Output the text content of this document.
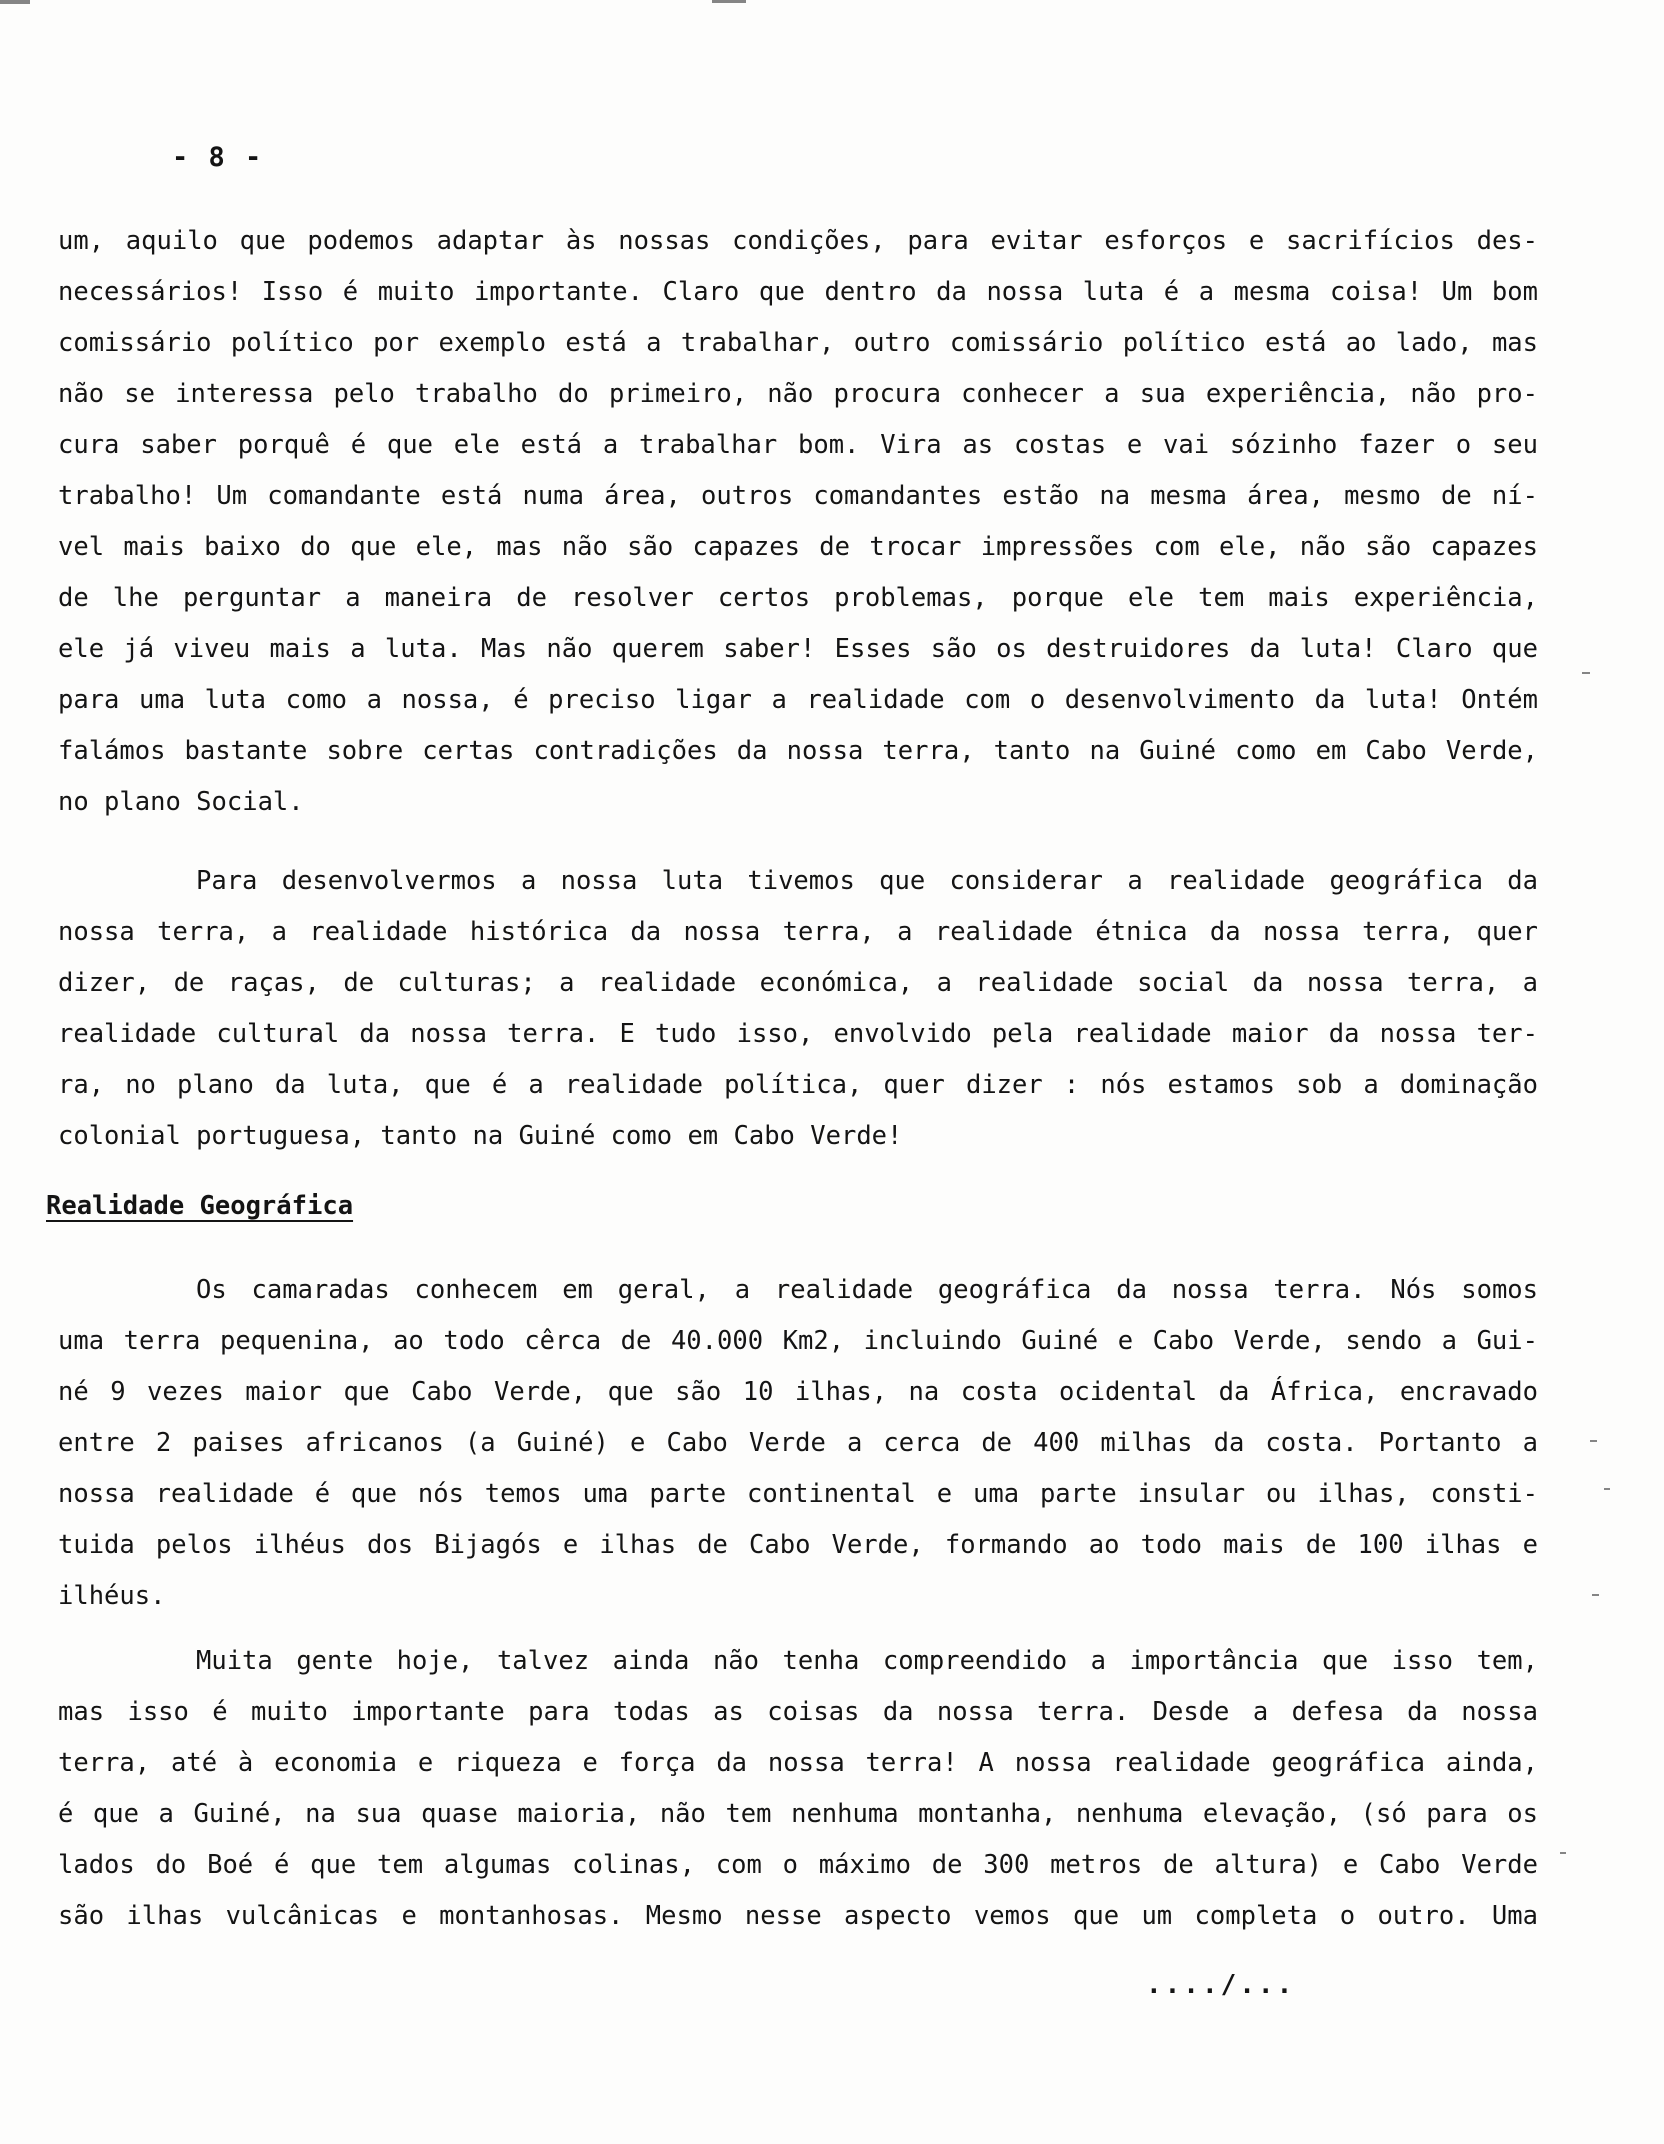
- 8 -
um, aquilo que podemos adaptar às nossas condições, para evitar esforços e sacrifícios des-
necessários! Isso é muito importante. Claro que dentro da nossa luta é a mesma coisa! Um bom
comissário político por exemplo está a trabalhar, outro comissário político está ao lado, mas
não se interessa pelo trabalho do primeiro, não procura conhecer a sua experiência, não pro-
cura saber porquê é que ele está a trabalhar bom. Vira as costas e vai sózinho fazer o seu
trabalho! Um comandante está numa área, outros comandantes estão na mesma área, mesmo de ní-
vel mais baixo do que ele, mas não são capazes de trocar impressões com ele, não são capazes
de lhe perguntar a maneira de resolver certos problemas, porque ele tem mais experiência,
ele já viveu mais a luta. Mas não querem saber! Esses são os destruidores da luta! Claro que
para uma luta como a nossa, é preciso ligar a realidade com o desenvolvimento da luta! Ontém
falámos bastante sobre certas contradições da nossa terra, tanto na Guiné como em Cabo Verde,
no plano Social.
Para desenvolvermos a nossa luta tivemos que considerar a realidade geográfica da
nossa terra, a realidade histórica da nossa terra, a realidade étnica da nossa terra, quer
dizer, de raças, de culturas; a realidade económica, a realidade social da nossa terra, a
realidade cultural da nossa terra. E tudo isso, envolvido pela realidade maior da nossa ter-
ra, no plano da luta, que é a realidade política, quer dizer : nós estamos sob a dominação
colonial portuguesa, tanto na Guiné como em Cabo Verde!
Realidade Geográfica
Os camaradas conhecem em geral, a realidade geográfica da nossa terra. Nós somos
uma terra pequenina, ao todo cêrca de 40.000 Km2, incluindo Guiné e Cabo Verde, sendo a Gui-
né 9 vezes maior que Cabo Verde, que são 10 ilhas, na costa ocidental da África, encravado
entre 2 paises africanos (a Guiné) e Cabo Verde a cerca de 400 milhas da costa. Portanto a
nossa realidade é que nós temos uma parte continental e uma parte insular ou ilhas, consti-
tuida pelos ilhéus dos Bijagós e ilhas de Cabo Verde, formando ao todo mais de 100 ilhas e
ilhéus.
Muita gente hoje, talvez ainda não tenha compreendido a importância que isso tem,
mas isso é muito importante para todas as coisas da nossa terra. Desde a defesa da nossa
terra, até à economia e riqueza e força da nossa terra! A nossa realidade geográfica ainda,
é que a Guiné, na sua quase maioria, não tem nenhuma montanha, nenhuma elevação, (só para os
lados do Boé é que tem algumas colinas, com o máximo de 300 metros de altura) e Cabo Verde
são ilhas vulcânicas e montanhosas. Mesmo nesse aspecto vemos que um completa o outro. Uma
..../...
